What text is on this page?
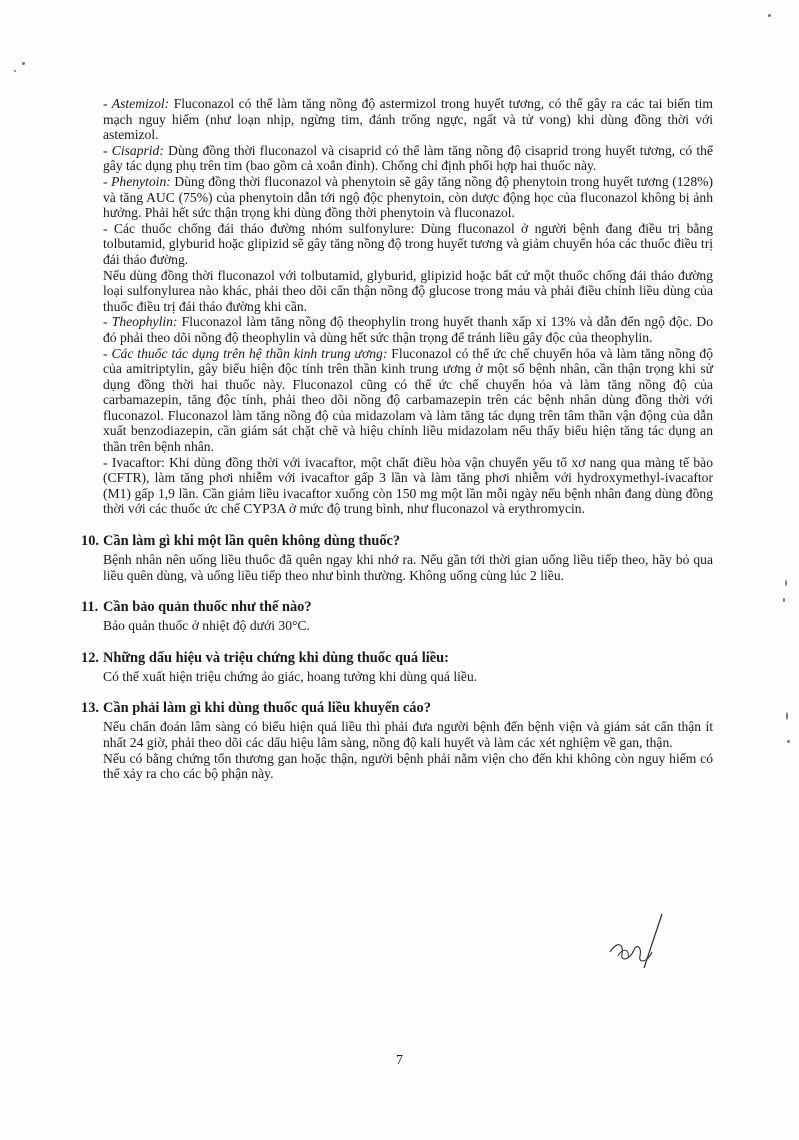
- Astemizol: Fluconazol có thể làm tăng nồng độ astermizol trong huyết tương, có thể gây ra các tai biến tim mạch nguy hiểm (như loạn nhịp, ngừng tim, đánh trống ngực, ngất và tử vong) khi dùng đồng thời với astemizol.

- Cisaprid: Dùng đồng thời fluconazol và cisaprid có thể làm tăng nồng độ cisaprid trong huyết tương, có thể gây tác dụng phụ trên tim (bao gồm cả xoắn đỉnh). Chống chỉ định phối hợp hai thuốc này.

- Phenytoin: Dùng đồng thời fluconazol và phenytoin sẽ gây tăng nồng độ phenytoin trong huyết tương (128%) và tăng AUC (75%) của phenytoin dẫn tới ngộ độc phenytoin, còn dược động học của fluconazol không bị ảnh hưởng. Phải hết sức thận trọng khi dùng đồng thời phenytoin và fluconazol.

- Các thuốc chống đái tháo đường nhóm sulfonylure: Dùng fluconazol ở người bệnh đang điều trị bằng tolbutamid, glyburid hoặc glipizid sẽ gây tăng nồng độ trong huyết tương và giảm chuyển hóa các thuốc điều trị đái tháo đường.

Nếu dùng đồng thời fluconazol với tolbutamid, glyburid, glipizid hoặc bất cứ một thuốc chống đái tháo đường loại sulfonylurea nào khác, phải theo dõi cẩn thận nồng độ glucose trong máu và phải điều chỉnh liều dùng của thuốc điều trị đái tháo đường khi cần.

- Theophylin: Fluconazol làm tăng nồng độ theophylin trong huyết thanh xấp xỉ 13% và dẫn đến ngộ độc. Do đó phải theo dõi nồng độ theophylin và dùng hết sức thận trọng để tránh liều gây độc của theophylin.

- Các thuốc tác dụng trên hệ thần kinh trung ương: Fluconazol có thể ức chế chuyển hóa và làm tăng nồng độ của amitriptylin, gây biểu hiện độc tính trên thần kinh trung ương ở một số bệnh nhân, cần thận trọng khi sử dụng đồng thời hai thuốc này. Fluconazol cũng có thể ức chế chuyển hóa và làm tăng nồng độ của carbamazepin, tăng độc tính, phải theo dõi nồng độ carbamazepin trên các bệnh nhân dùng đồng thời với fluconazol. Fluconazol làm tăng nồng độ của midazolam và làm tăng tác dụng trên tâm thần vận động của dẫn xuất benzodiazepin, cần giám sát chặt chẽ và hiệu chỉnh liều midazolam nếu thấy biểu hiện tăng tác dụng an thần trên bệnh nhân.

- Ivacaftor: Khi dùng đồng thời với ivacaftor, một chất điều hòa vận chuyển yếu tố xơ nang qua màng tế bào (CFTR), làm tăng phơi nhiễm với ivacaftor gấp 3 lần và làm tăng phơi nhiễm với hydroxymethyl-ivacaftor (M1) gấp 1,9 lần. Cần giảm liều ivacaftor xuống còn 150 mg một lần mỗi ngày nếu bệnh nhân đang dùng đồng thời với các thuốc ức chế CYP3A ở mức độ trung bình, như fluconazol và erythromycin.

10. Cần làm gì khi một lần quên không dùng thuốc?

Bệnh nhân nên uống liều thuốc đã quên ngay khi nhớ ra. Nếu gần tới thời gian uống liều tiếp theo, hãy bỏ qua liều quên dùng, và uống liều tiếp theo như bình thường. Không uống cùng lúc 2 liều.

11. Cần bảo quản thuốc như thế nào?

Bảo quản thuốc ở nhiệt độ dưới 30°C.

12. Những dấu hiệu và triệu chứng khi dùng thuốc quá liều:

Có thể xuất hiện triệu chứng ảo giác, hoang tưởng khi dùng quá liều.

13. Cần phải làm gì khi dùng thuốc quá liều khuyến cáo?

Nếu chẩn đoán lâm sàng có biểu hiện quá liều thì phải đưa người bệnh đến bệnh viện và giám sát cẩn thận ít nhất 24 giờ, phải theo dõi các dấu hiệu lâm sàng, nồng độ kali huyết và làm các xét nghiệm về gan, thận.

Nếu có bằng chứng tổn thương gan hoặc thận, người bệnh phải nằm viện cho đến khi không còn nguy hiểm có thể xảy ra cho các bộ phận này.

7
